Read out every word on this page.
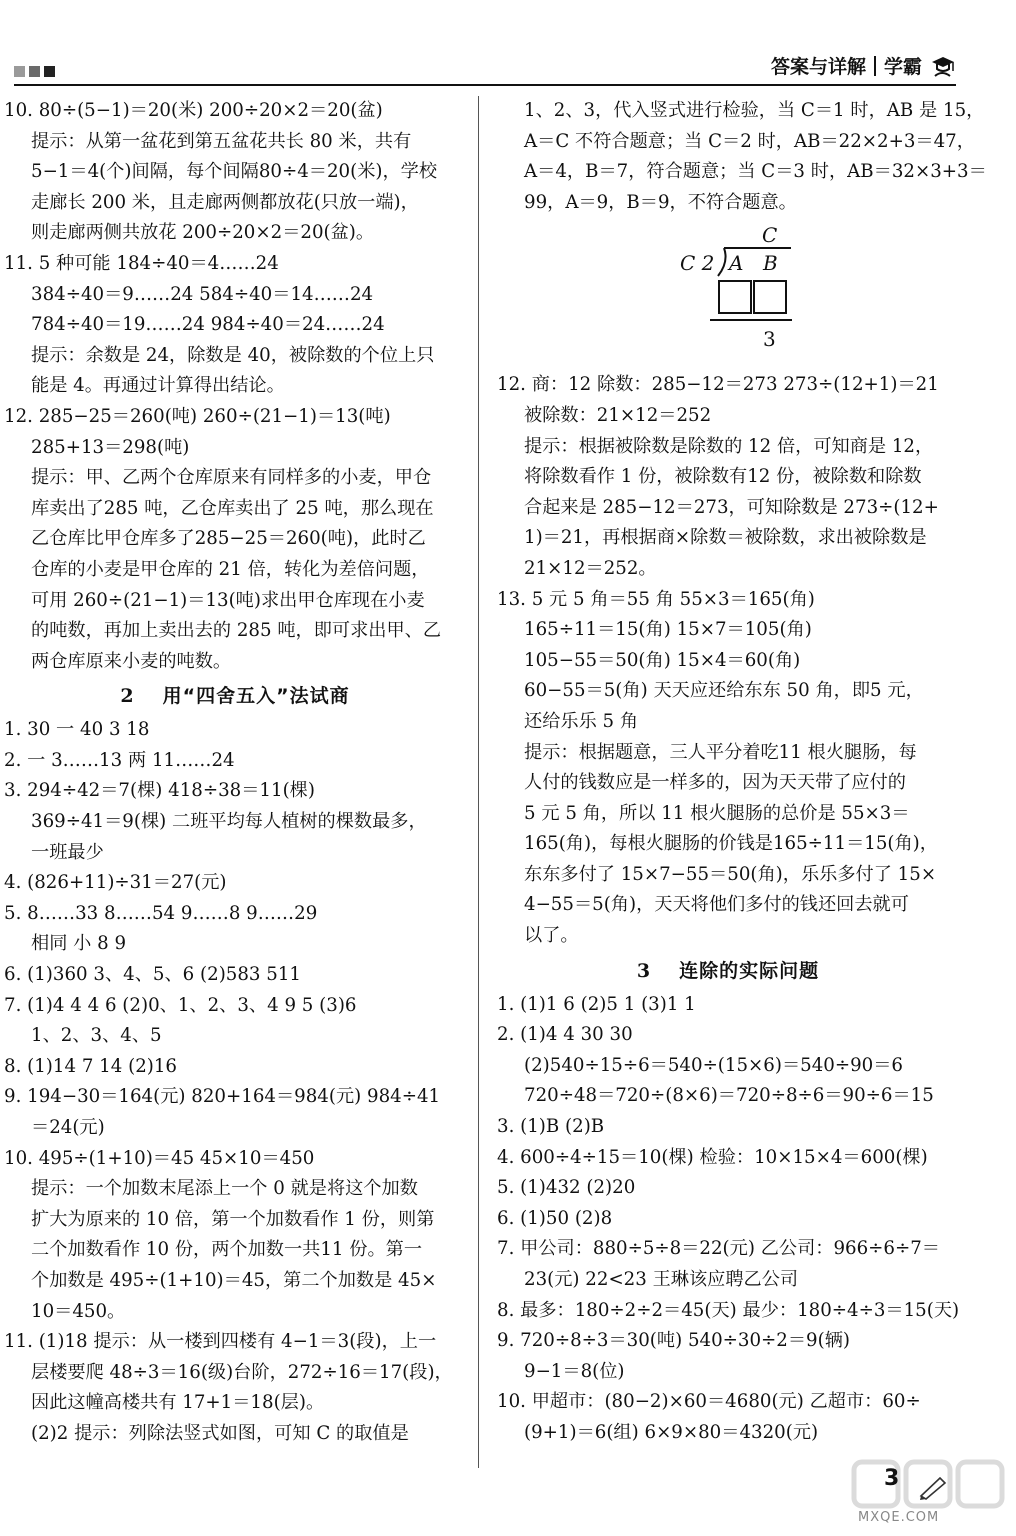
答案与详解 学霸
10. 80÷(5−1)＝20(米) 200÷20×2＝20(盆)
提示：从第一盆花到第五盆花共长 80 米，共有
5−1＝4(个)间隔，每个间隔80÷4＝20(米)，学校
走廊长 200 米，且走廊两侧都放花(只放一端)，
则走廊两侧共放花 200÷20×2＝20(盆)。
11. 5 种可能 184÷40＝4……24
384÷40＝9……24 584÷40＝14……24
784÷40＝19……24 984÷40＝24……24
提示：余数是 24，除数是 40，被除数的个位上只
能是 4。再通过计算得出结论。
12. 285−25＝260(吨) 260÷(21−1)＝13(吨)
285+13＝298(吨)
提示：甲、乙两个仓库原来有同样多的小麦，甲仓
库卖出了285 吨，乙仓库卖出了 25 吨，那么现在
乙仓库比甲仓库多了285−25＝260(吨)，此时乙
仓库的小麦是甲仓库的 21 倍，转化为差倍问题，
可用 260÷(21−1)＝13(吨)求出甲仓库现在小麦
的吨数，再加上卖出去的 285 吨，即可求出甲、乙
两仓库原来小麦的吨数。
2 用“四舍五入”法试商
1. 30 一 40 3 18
2. 一 3……13 两 11……24
3. 294÷42＝7(棵) 418÷38＝11(棵)
369÷41＝9(棵) 二班平均每人植树的棵数最多，
一班最少
4. (826+11)÷31＝27(元)
5. 8……33 8……54 9……8 9……29
相同 小 8 9
6. (1)360 3、4、5、6 (2)583 511
7. (1)4 4 4 6 (2)0、1、2、3、4 9 5 (3)6
1、2、3、4、5
8. (1)14 7 14 (2)16
9. 194−30＝164(元) 820+164＝984(元) 984÷41
＝24(元)
10. 495÷(1+10)＝45 45×10＝450
提示：一个加数末尾添上一个 0 就是将这个加数
扩大为原来的 10 倍，第一个加数看作 1 份，则第
二个加数看作 10 份，两个加数一共11 份。第一
个加数是 495÷(1+10)＝45，第二个加数是 45×
10＝450。
11. (1)18 提示：从一楼到四楼有 4−1＝3(段)，上一
层楼要爬 48÷3＝16(级)台阶，272÷16＝17(段)，
因此这幢高楼共有 17+1＝18(层)。
(2)2 提示：列除法竖式如图，可知 C 的取值是
1、2、3，代入竖式进行检验，当 C＝1 时，AB 是 15，
A＝C 不符合题意；当 C＝2 时，AB＝22×2+3＝47，
A＝4，B＝7，符合题意；当 C＝3 时，AB＝32×3+3＝
99，A＝9，B＝9，不符合题意。
C
C 2 A B
3
12. 商：12 除数：285−12＝273 273÷(12+1)＝21
被除数：21×12＝252
提示：根据被除数是除数的 12 倍，可知商是 12，
将除数看作 1 份，被除数有12 份，被除数和除数
合起来是 285−12＝273，可知除数是 273÷(12+
1)＝21，再根据商×除数＝被除数，求出被除数是
21×12＝252。
13. 5 元 5 角＝55 角 55×3＝165(角)
165÷11＝15(角) 15×7＝105(角)
105−55＝50(角) 15×4＝60(角)
60−55＝5(角) 天天应还给东东 50 角，即5 元，
还给乐乐 5 角
提示：根据题意，三人平分着吃11 根火腿肠，每
人付的钱数应是一样多的，因为天天带了应付的
5 元 5 角，所以 11 根火腿肠的总价是 55×3＝
165(角)，每根火腿肠的价钱是165÷11＝15(角)，
东东多付了 15×7−55＝50(角)，乐乐多付了 15×
4−55＝5(角)，天天将他们多付的钱还回去就可
以了。
3 连除的实际问题
1. (1)1 6 (2)5 1 (3)1 1
2. (1)4 4 30 30
(2)540÷15÷6＝540÷(15×6)＝540÷90＝6
720÷48＝720÷(8×6)＝720÷8÷6＝90÷6＝15
3. (1)B (2)B
4. 600÷4÷15＝10(棵) 检验：10×15×4＝600(棵)
5. (1)432 (2)20
6. (1)50 (2)8
7. 甲公司：880÷5÷8＝22(元) 乙公司：966÷6÷7＝
23(元) 22<23 王琳该应聘乙公司
8. 最多：180÷2÷2＝45(天) 最少：180÷4÷3＝15(天)
9. 720÷8÷3＝30(吨) 540÷30÷2＝9(辆)
9−1＝8(位)
10. 甲超市：(80−2)×60＝4680(元) 乙超市：60÷
(9+1)＝6(组) 6×9×80＝4320(元)
MXQE.COM
3
